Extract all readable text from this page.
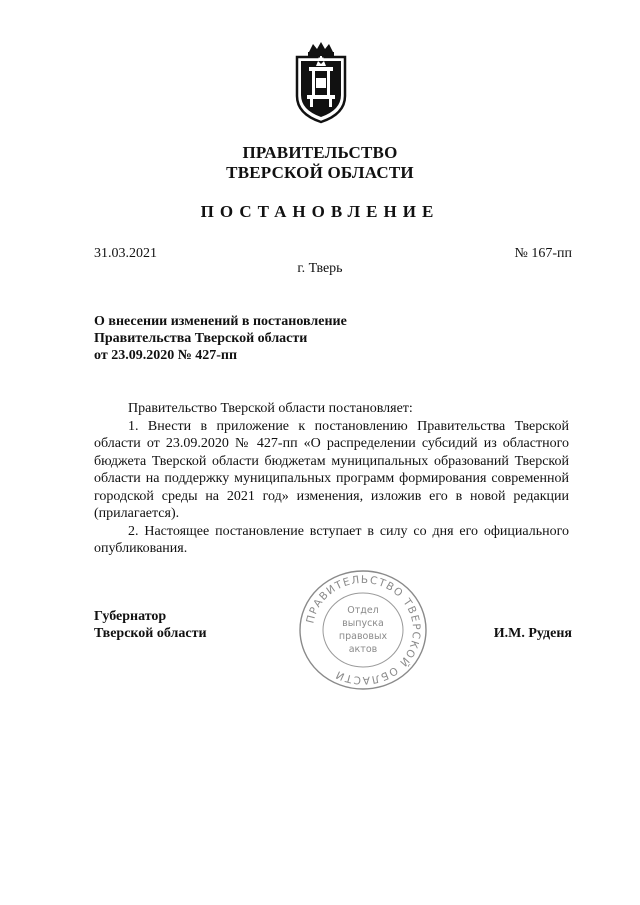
ПРАВИТЕЛЬСТВО
ТВЕРСКОЙ ОБЛАСТИ
ПОСТАНОВЛЕНИЕ
31.03.2021	№ 167-пп
г. Тверь
О внесении изменений в постановление
Правительства Тверской области
от 23.09.2020 № 427-пп

Правительство Тверской области постановляет:

1. Внести в приложение к постановлению Правительства Тверской области от 23.09.2020 № 427-пп «О распределении субсидий из областного бюджета Тверской области бюджетам муниципальных образований Тверской области на поддержку муниципальных программ формирования современной городской среды на 2021 год» изменения, изложив его в новой редакции (прилагается).

2. Настоящее постановление вступает в силу со дня его официального опубликования.

ПРАВИТЕЛЬСТВО ТВЕРСКОЙ ОБЛАСТИ
Отдел
выпуска
правовых
актов
Губернатор
Тверской области	И.М. Руденя
